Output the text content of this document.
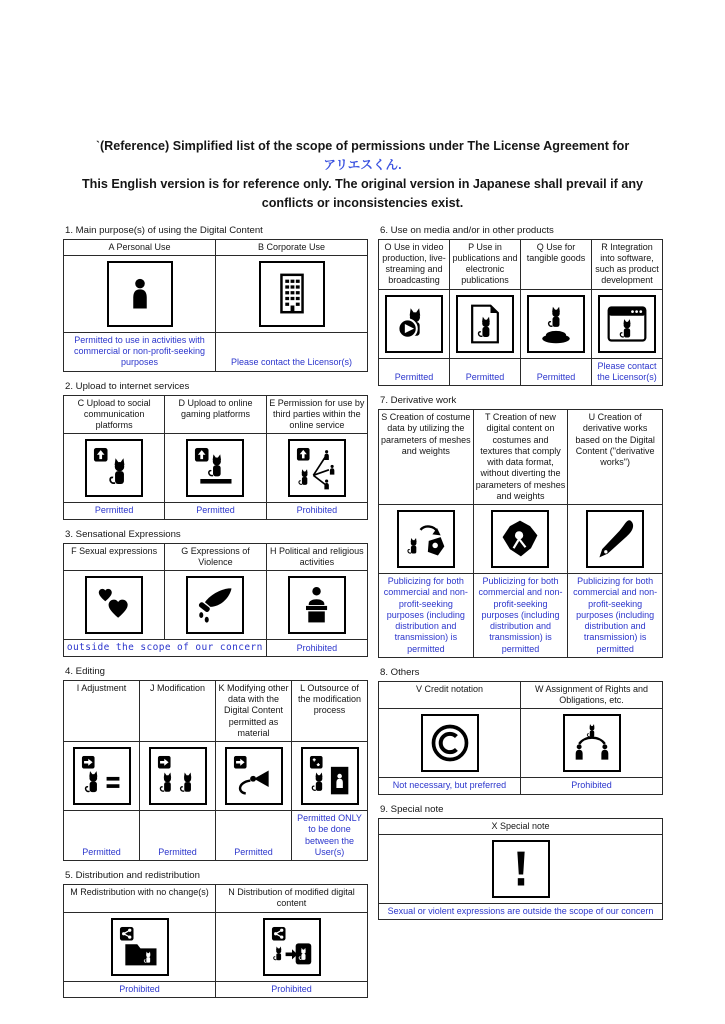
ˋ(Reference) Simplified list of the scope of permissions under The License Agreement for
アリエスくん.
This English version is for reference only. The original version in Japanese shall prevail if any conflicts or inconsistencies exist.
1. Main purpose(s) of using the Digital Content
A Personal Use	B Corporate Use

Permitted to use in activities with commercial or non-profit-seeking purposes	Please contact the Licensor(s)
2. Upload to internet services
C Upload to social communication platforms	D Upload to online gaming platforms	E Permission for use by third parties within the online service

Permitted	Permitted	Prohibited
3. Sensational Expressions
F Sexual expressions	G Expressions of Violence	H Political and religious activities

outside the scope of our concern		Prohibited
4. Editing
I Adjustment	J Modification	K Modifying other data with the Digital Content permitted as material	L Outsource of the modification process

Permitted	Permitted	Permitted	Permitted ONLY to be done between the User(s)
5. Distribution and redistribution
M Redistribution with no change(s)	N Distribution of modified digital content

Prohibited	Prohibited
6. Use on media and/or in other products
O Use in video production, live-streaming and broadcasting	P Use in publications and electronic publications	Q Use for tangible goods	R Integration into software, such as product development

Permitted	Permitted	Permitted	Please contact the Licensor(s)
7. Derivative work
S Creation of costume data by utilizing the parameters of meshes and weights	T Creation of new digital content on costumes and textures that comply with data format, without diverting the parameters of meshes and weights	U Creation of derivative works based on the Digital Content ("derivative works")

Publicizing for both commercial and non-profit-seeking purposes (including distribution and transmission) is permitted	Publicizing for both commercial and non-profit-seeking purposes (including distribution and transmission) is permitted	Publicizing for both commercial and non-profit-seeking purposes (including distribution and transmission) is permitted
8. Others
V Credit notation	W Assignment of Rights and Obligations, etc.

Not necessary, but preferred	Prohibited
9. Special note
X Special note

Sexual or violent expressions are outside the scope of our concern
